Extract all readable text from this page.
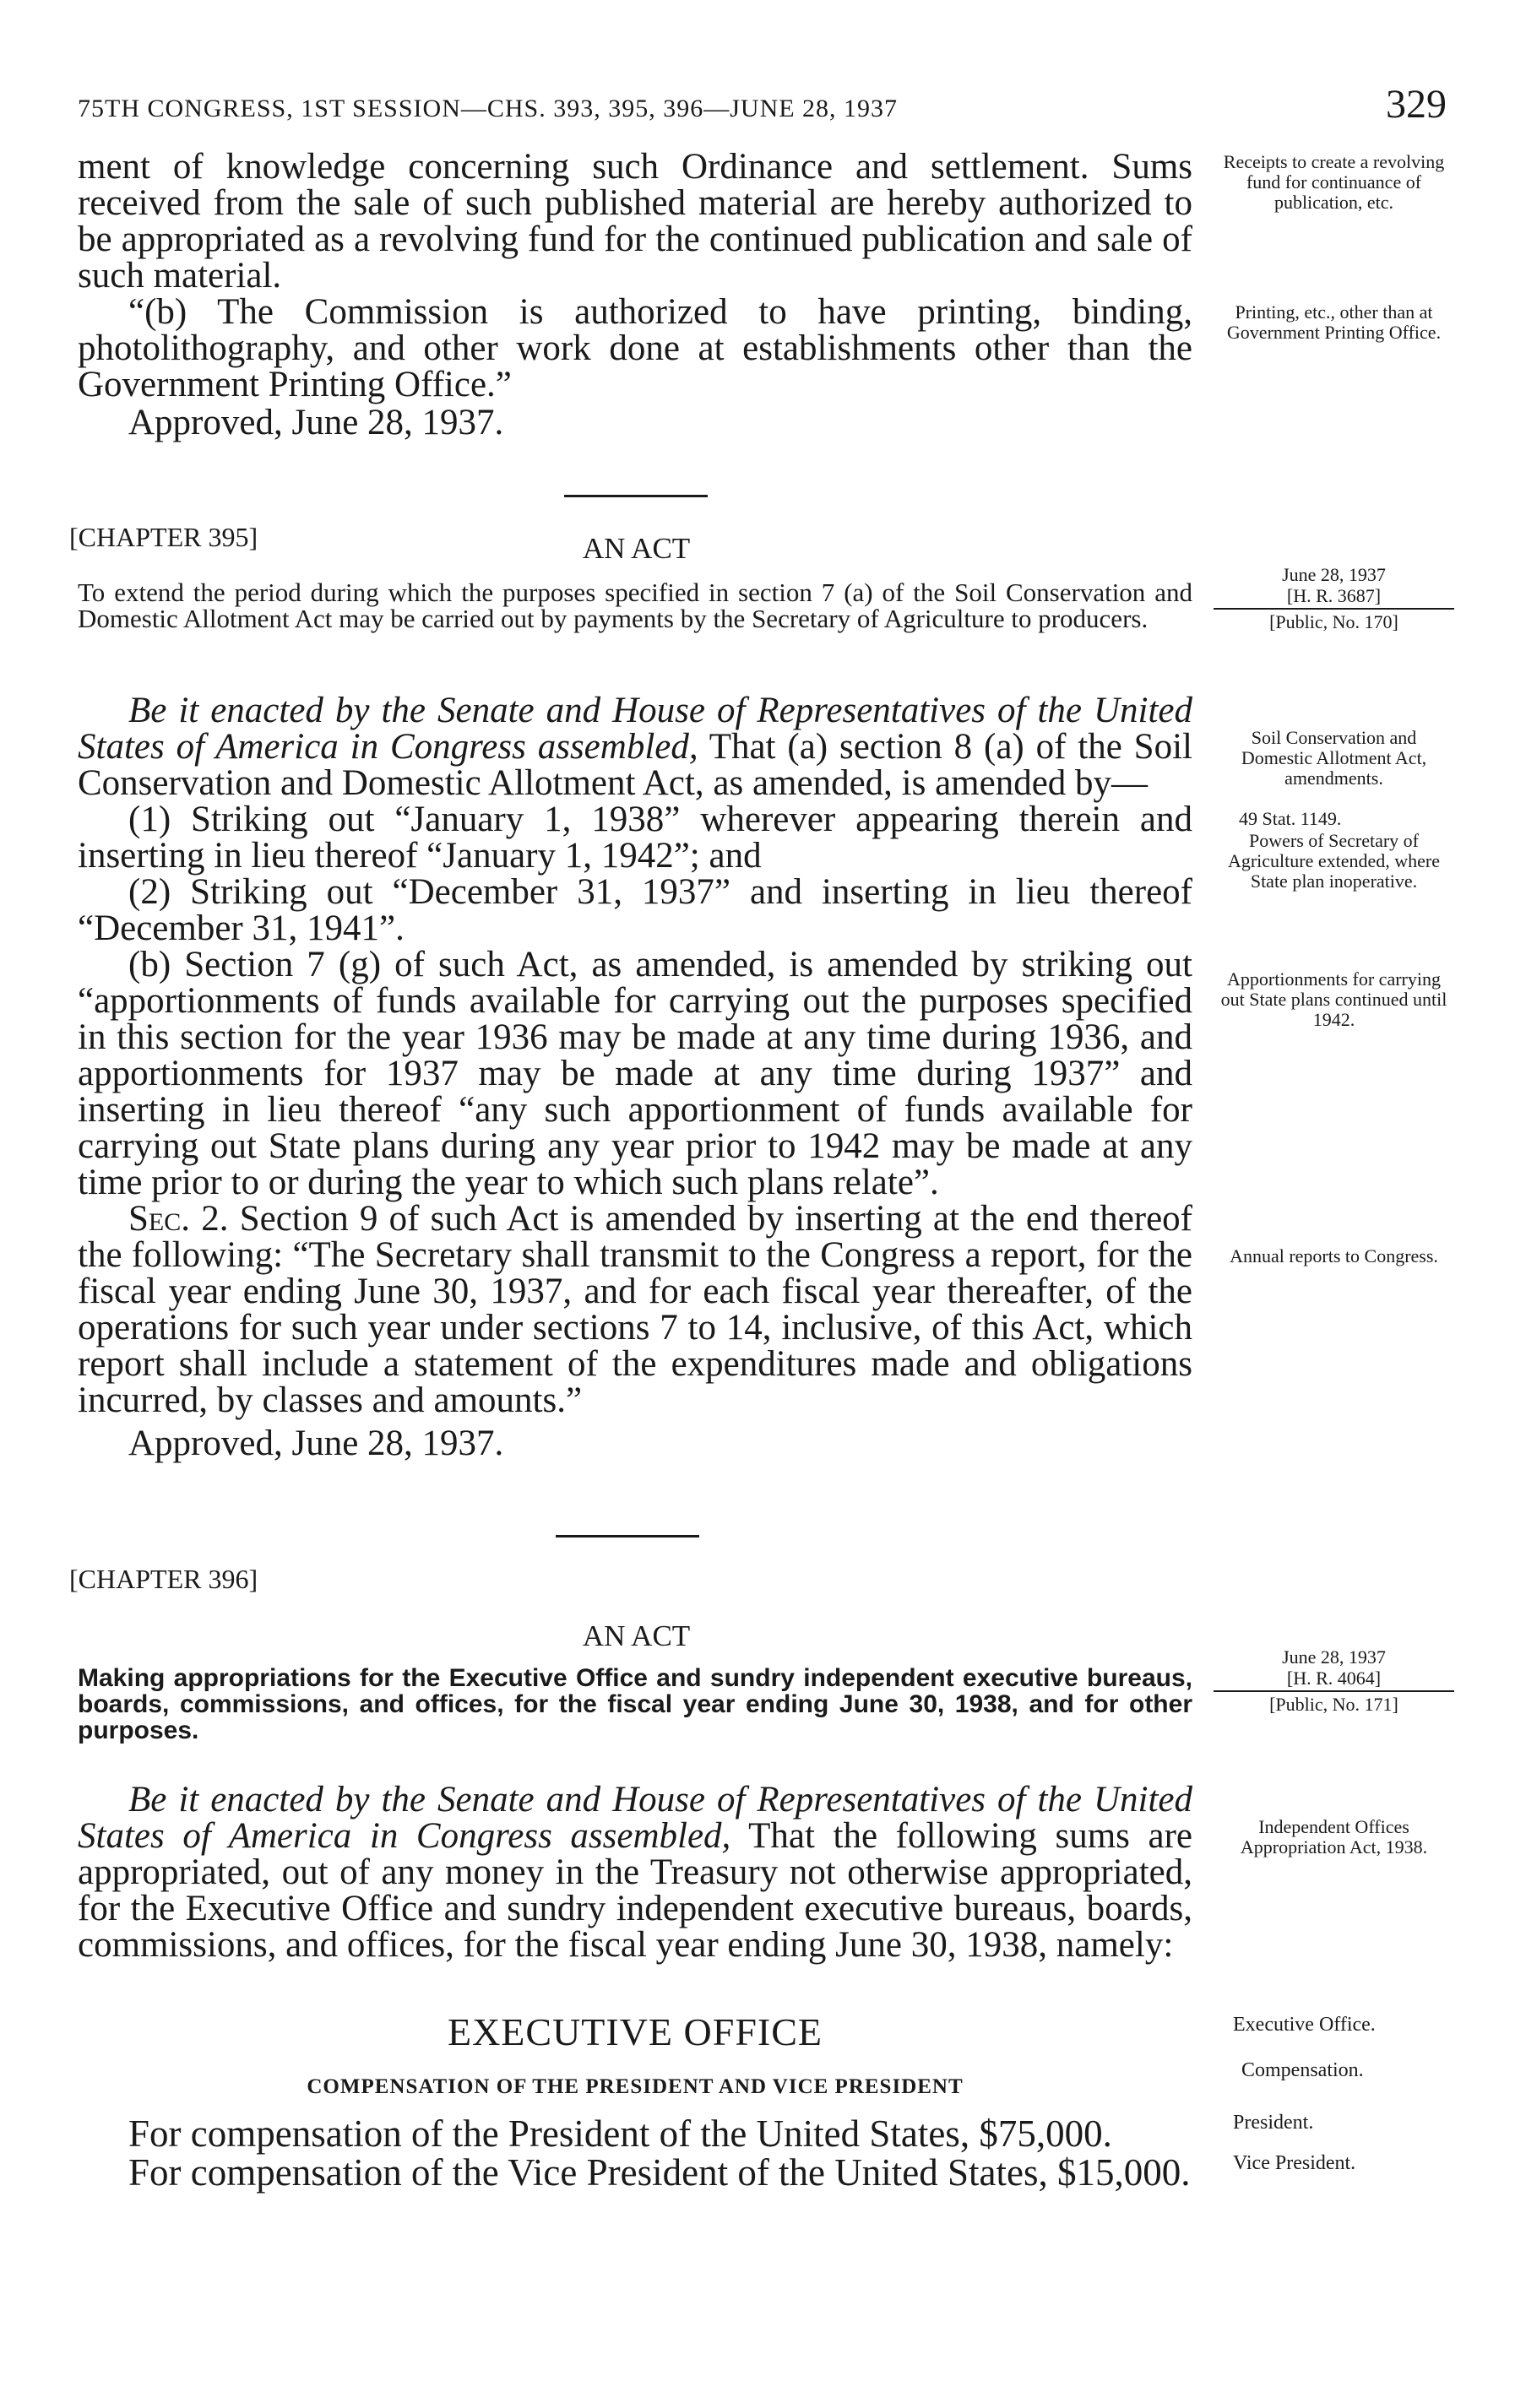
75TH CONGRESS, 1ST SESSION—CHS. 393, 395, 396—JUNE 28, 1937	329

ment of knowledge concerning such Ordinance and settlement. Sums received from the sale of such published material are hereby authorized to be appropriated as a revolving fund for the continued publication and sale of such material.

“(b) The Commission is authorized to have printing, binding, photolithography, and other work done at establishments other than the Government Printing Office.”

Approved, June 28, 1937.

Receipts to create a revolving fund for continuance of publication, etc.
Printing, etc., other than at Government Printing Office.
[CHAPTER 395]	AN ACT
To extend the period during which the purposes specified in section 7 (a) of the Soil Conservation and Domestic Allotment Act may be carried out by payments by the Secretary of Agriculture to producers.
June 28, 1937
[H. R. 3687]
[Public, No. 170]

Be it enacted by the Senate and House of Representatives of the United States of America in Congress assembled, That (a) section 8 (a) of the Soil Conservation and Domestic Allotment Act, as amended, is amended by—

(1) Striking out “January 1, 1938” wherever appearing therein and inserting in lieu thereof “January 1, 1942”; and

(2) Striking out “December 31, 1937” and inserting in lieu thereof “December 31, 1941”.

(b) Section 7 (g) of such Act, as amended, is amended by striking out “apportionments of funds available for carrying out the purposes specified in this section for the year 1936 may be made at any time during 1936, and apportionments for 1937 may be made at any time during 1937” and inserting in lieu thereof “any such apportionment of funds available for carrying out State plans during any year prior to 1942 may be made at any time prior to or during the year to which such plans relate”.

Sec. 2. Section 9 of such Act is amended by inserting at the end thereof the following: “The Secretary shall transmit to the Congress a report, for the fiscal year ending June 30, 1937, and for each fiscal year thereafter, of the operations for such year under sections 7 to 14, inclusive, of this Act, which report shall include a statement of the expenditures made and obligations incurred, by classes and amounts.”

Approved, June 28, 1937.

Soil Conservation and Domestic Allotment Act, amendments.
49 Stat. 1149.
Powers of Secretary of Agriculture extended, where State plan inoperative.
Apportionments for carrying out State plans continued until 1942.
Annual reports to Congress.
[CHAPTER 396]
AN ACT
Making appropriations for the Executive Office and sundry independent executive bureaus, boards, commissions, and offices, for the fiscal year ending June 30, 1938, and for other purposes.
June 28, 1937
[H. R. 4064]
[Public, No. 171]

Be it enacted by the Senate and House of Representatives of the United States of America in Congress assembled, That the following sums are appropriated, out of any money in the Treasury not otherwise appropriated, for the Executive Office and sundry independent executive bureaus, boards, commissions, and offices, for the fiscal year ending June 30, 1938, namely:

Independent Offices Appropriation Act, 1938.
EXECUTIVE OFFICE
COMPENSATION OF THE PRESIDENT AND VICE PRESIDENT

For compensation of the President of the United States, $75,000.

For compensation of the Vice President of the United States, $15,000.

Executive Office.
Compensation.
President.
Vice President.
